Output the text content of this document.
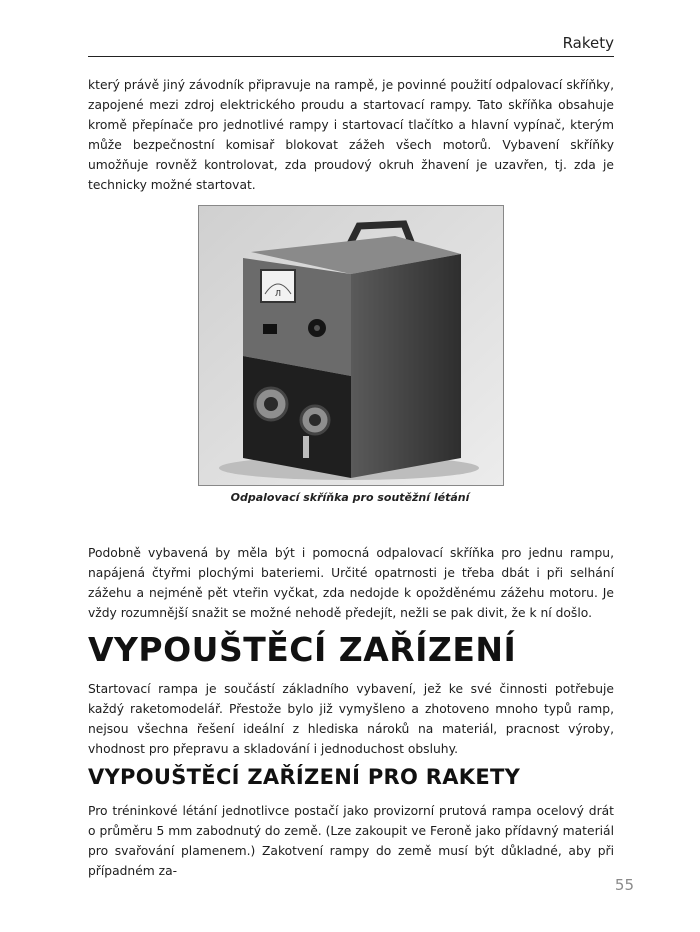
Rakety

který právě jiný závodník připravuje na rampě, je povinné použití odpalovací skříňky, zapojené mezi zdroj elektrického proudu a startovací rampy. Tato skříňka obsahuje kromě přepínače pro jednotlivé rampy i startovací tlačítko a hlavní vypínač, kterým může bezpečnostní komisař blokovat zážeh všech motorů. Vybavení skříňky umožňuje rovněž kontrolovat, zda proudový okruh žhavení je uzavřen, tj. zda je technicky možné startovat.

Л
Odpalovací skříňka pro soutěžní létání

Podobně vybavená by měla být i pomocná odpalovací skříňka pro jednu rampu, napájená čtyřmi plochými bateriemi. Určité opatrnosti je třeba dbát i při selhání zážehu a nejméně pět vteřin vyčkat, zda nedojde k opožděnému zážehu motoru. Je vždy rozumnější snažit se možné nehodě předejít, nežli se pak divit, že k ní došlo.

VYPOUŠTĚCÍ ZAŘÍZENÍ

Startovací rampa je součástí základního vybavení, jež ke své činnosti potřebuje každý raketomodelář. Přestože bylo již vymyšleno a zhotoveno mnoho typů ramp, nejsou všechna řešení ideální z hlediska nároků na materiál, pracnost výroby, vhodnost pro přepravu a skladování i jednoduchost obsluhy.

VYPOUŠTĚCÍ ZAŘÍZENÍ PRO RAKETY

Pro tréninkové létání jednotlivce postačí jako provizorní prutová rampa ocelový drát o průměru 5 mm zabodnutý do země. (Lze zakoupit ve Feroně jako přídavný materiál pro svařování plamenem.) Zakotvení rampy do země musí být důkladné, aby při případném za-

55
